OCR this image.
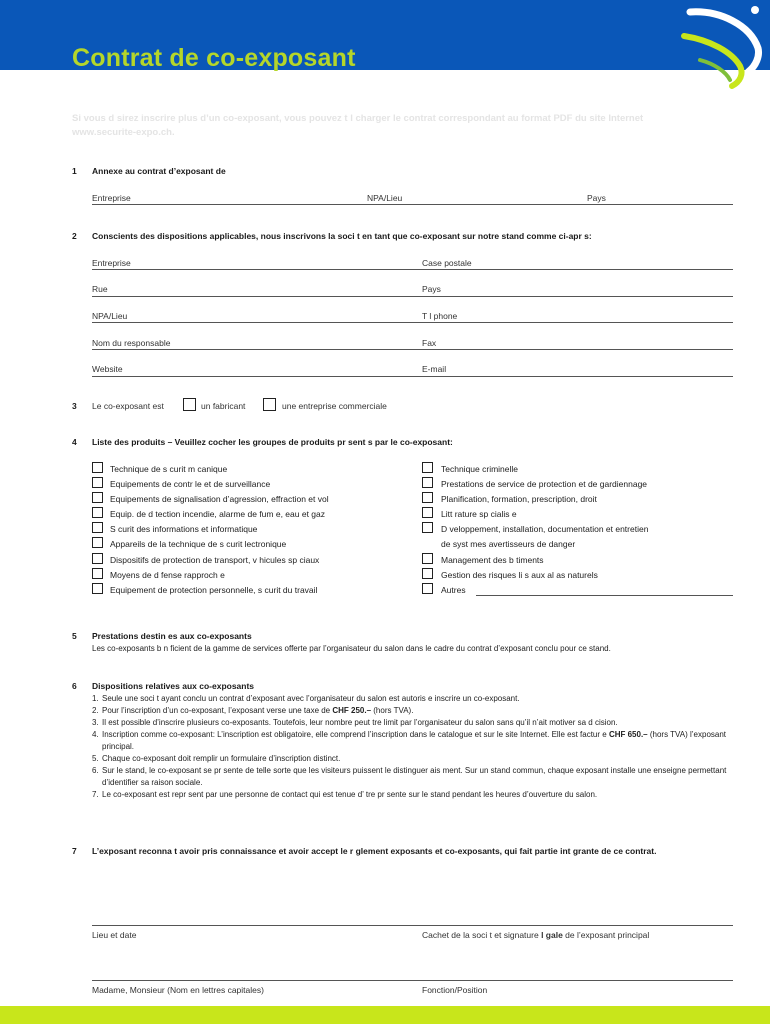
Contrat de co-exposant
Si vous d sirez inscrire plus d’un co-exposant, vous pouvez t l charger le contrat correspondant au format PDF du site Internet
www.securite-expo.ch.
1 Annexe au contrat d’exposant de
Entreprise	NPA/Lieu	Pays
2 Conscients des dispositions applicables, nous inscrivons la soci t en tant que co-exposant sur notre stand comme ci-apr s:
Entreprise	Case postale
Rue	Pays
NPA/Lieu	T l phone
Nom du responsable	Fax
Website	E-mail
3 Le co-exposant est	un fabricant	une entreprise commerciale
4 Liste des produits – Veuillez cocher les groupes de produits pr sent s par le co-exposant:
Technique de s curit m canique
Equipements de contr le et de surveillance
Equipements de signalisation d’agression, effraction et vol
Equip. de d tection incendie, alarme de fum e, eau et gaz
S curit des informations et informatique
Appareils de la technique de s curit lectronique
Dispositifs de protection de transport, v hicules sp ciaux
Moyens de d fense rapproch e
Equipement de protection personnelle, s curit du travail
Technique criminelle
Prestations de service de protection et de gardiennage
Planification, formation, prescription, droit
Litt rature sp cialis e
D veloppement, installation, documentation et entretien
de syst mes avertisseurs de danger
Management des b timents
Gestion des risques li s aux al as naturels
Autres
5 Prestations destin es aux co-exposants
Les co-exposants b n ficient de la gamme de services offerte par l’organisateur du salon dans le cadre du contrat d’exposant conclu pour ce stand.
6 Dispositions relatives aux co-exposants
1. Seule une soci t ayant conclu un contrat d’exposant avec l’organisateur du salon est autoris e inscrire un co-exposant.
2. Pour l’inscription d’un co-exposant, l’exposant verse une taxe de CHF 250.– (hors TVA).
3. Il est possible d’inscrire plusieurs co-exposants. Toutefois, leur nombre peut tre limit par l’organisateur du salon sans qu’il n’ait motiver sa d cision.
4. Inscription comme co-exposant: L’inscription est obligatoire, elle comprend l’inscription dans le catalogue et sur le site Internet. Elle est factur e CHF 650.– (hors TVA) l’exposant principal.
5. Chaque co-exposant doit remplir un formulaire d’inscription distinct.
6. Sur le stand, le co-exposant se pr sente de telle sorte que les visiteurs puissent le distinguer ais ment. Sur un stand commun, chaque exposant installe une enseigne permettant d’identifier sa raison sociale.
7. Le co-exposant est repr sent par une personne de contact qui est tenue d’ tre pr sente sur le stand pendant les heures d’ouverture du salon.
7 L’exposant reconna t avoir pris connaissance et avoir accept le r glement exposants et co-exposants, qui fait partie int grante de ce contrat.
Lieu et date	Cachet de la soci t et signature l gale de l’exposant principal
Madame, Monsieur (Nom en lettres capitales)	Fonction/Position
